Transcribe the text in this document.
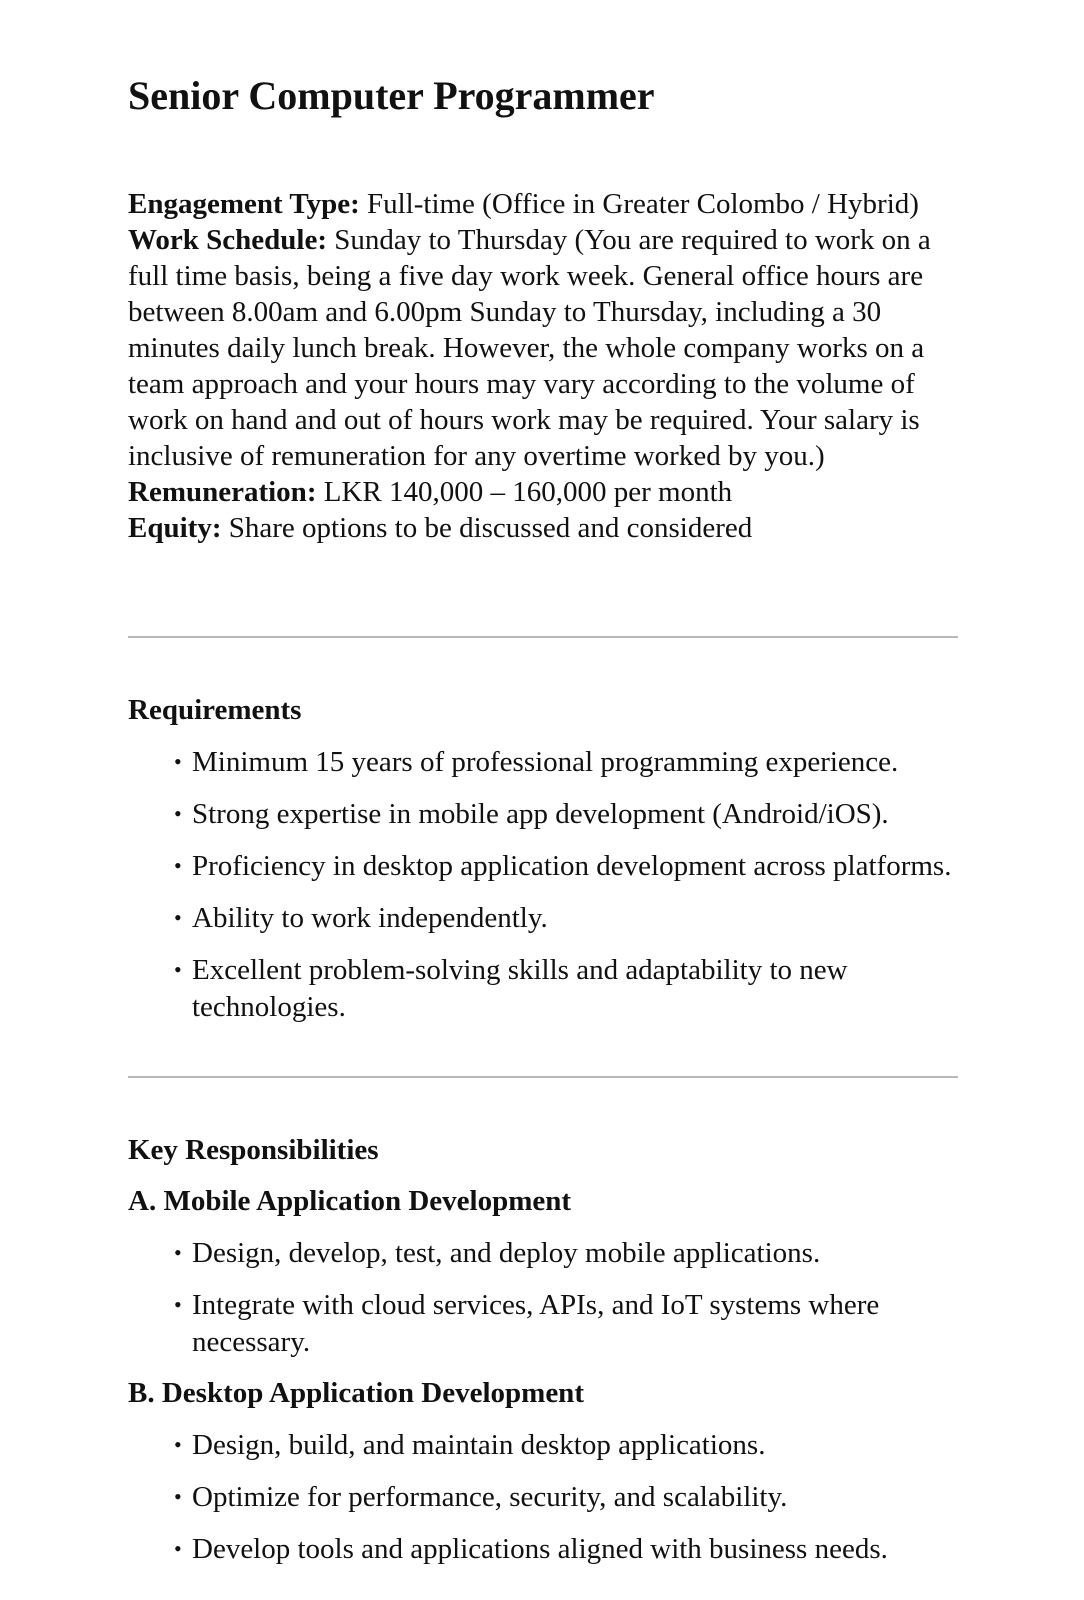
Senior Computer Programmer

Engagement Type: Full-time (Office in Greater Colombo / Hybrid)

Work Schedule: Sunday to Thursday (You are required to work on a full time basis, being a five day work week. General office hours are between 8.00am and 6.00pm Sunday to Thursday, including a 30 minutes daily lunch break. However, the whole company works on a team approach and your hours may vary according to the volume of work on hand and out of hours work may be required. Your salary is inclusive of remuneration for any overtime worked by you.)

Remuneration: LKR 140,000 – 160,000 per month

Equity: Share options to be discussed and considered

Requirements
• Minimum 15 years of professional programming experience.
• Strong expertise in mobile app development (Android/iOS).
• Proficiency in desktop application development across platforms.
• Ability to work independently.
• Excellent problem-solving skills and adaptability to new technologies.
Key Responsibilities
A. Mobile Application Development
• Design, develop, test, and deploy mobile applications.
• Integrate with cloud services, APIs, and IoT systems where necessary.
B. Desktop Application Development
• Design, build, and maintain desktop applications.
• Optimize for performance, security, and scalability.
• Develop tools and applications aligned with business needs.
